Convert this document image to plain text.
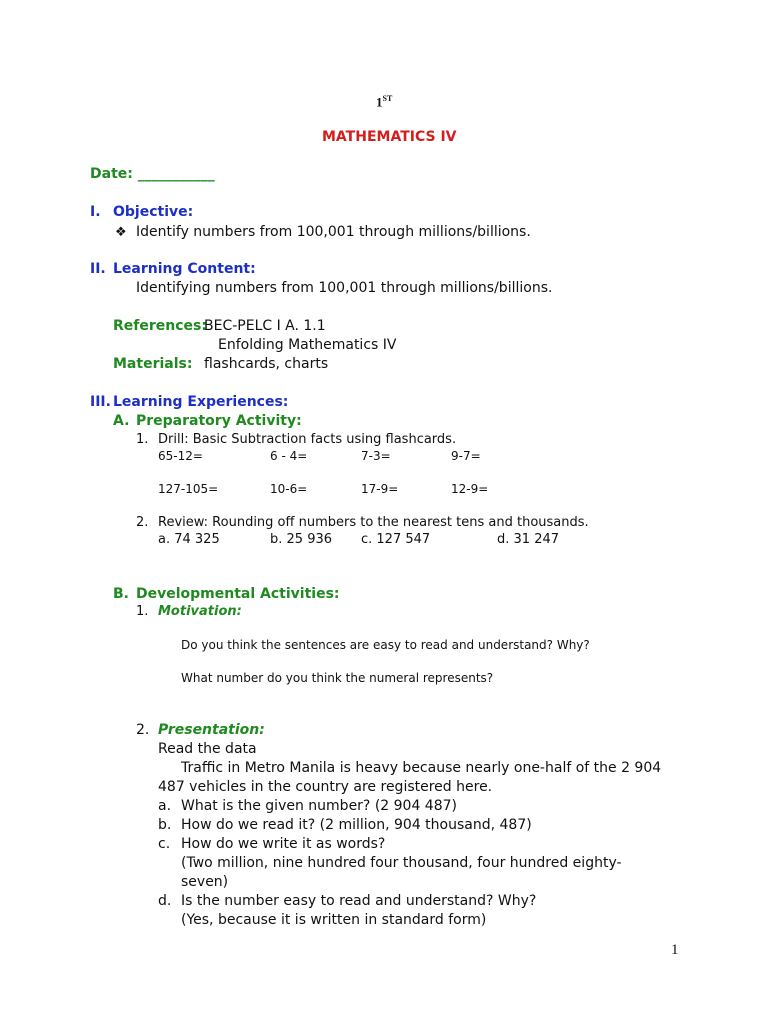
1ST
MATHEMATICS IV
Date: ___________
I. Objective:
❖ Identify numbers from 100,001 through millions/billions.
II. Learning Content:
Identifying numbers from 100,001 through millions/billions.
References:
BEC-PELC I A. 1.1
Enfolding Mathematics IV
Materials: flashcards, charts
III. Learning Experiences:
A. Preparatory Activity:
1. Drill: Basic Subtraction facts using flashcards.
65-12=	6 - 4=	7-3=	9-7=
127-105=	10-6=	17-9=	12-9=
2. Review: Rounding off numbers to the nearest tens and thousands.
a. 74 325	b. 25 936 c. 127 547	d. 31 247
B. Developmental Activities:
1. Motivation:
Do you think the sentences are easy to read and understand? Why?
What number do you think the numeral represents?
2. Presentation:
Read the data
Traffic in Metro Manila is heavy because nearly one-half of the 2 904
487 vehicles in the country are registered here.
a. What is the given number? (2 904 487)
b. How do we read it? (2 million, 904 thousand, 487)
c. How do we write it as words?
(Two million, nine hundred four thousand, four hundred eighty-
seven)
d. Is the number easy to read and understand? Why?
(Yes, because it is written in standard form)
1
